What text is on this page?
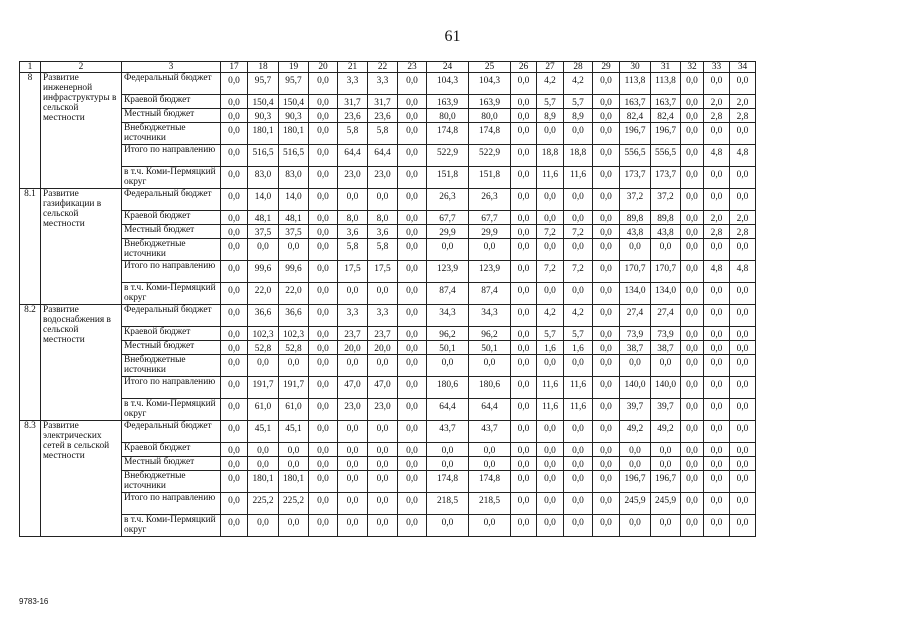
61
1	2	3	17	18	19	20	21	22	23	24	25	26	27	28	29	30	31	32	33	34
8	Развитие инженерной инфраструктуры в сельской местности	Федеральный бюджет	0,0	95,7	95,7	0,0	3,3	3,3	0,0	104,3	104,3	0,0	4,2	4,2	0,0	113,8	113,8	0,0	0,0	0,0
		Краевой бюджет	0,0	150,4	150,4	0,0	31,7	31,7	0,0	163,9	163,9	0,0	5,7	5,7	0,0	163,7	163,7	0,0	2,0	2,0
		Местный бюджет	0,0	90,3	90,3	0,0	23,6	23,6	0,0	80,0	80,0	0,0	8,9	8,9	0,0	82,4	82,4	0,0	2,8	2,8
		Внебюджетные источники	0,0	180,1	180,1	0,0	5,8	5,8	0,0	174,8	174,8	0,0	0,0	0,0	0,0	196,7	196,7	0,0	0,0	0,0
		Итого по направлению	0,0	516,5	516,5	0,0	64,4	64,4	0,0	522,9	522,9	0,0	18,8	18,8	0,0	556,5	556,5	0,0	4,8	4,8
		в т.ч. Коми-Пермяцкий округ	0,0	83,0	83,0	0,0	23,0	23,0	0,0	151,8	151,8	0,0	11,6	11,6	0,0	173,7	173,7	0,0	0,0	0,0
8.1	Развитие газификации в сельской местности	Федеральный бюджет	0,0	14,0	14,0	0,0	0,0	0,0	0,0	26,3	26,3	0,0	0,0	0,0	0,0	37,2	37,2	0,0	0,0	0,0
		Краевой бюджет	0,0	48,1	48,1	0,0	8,0	8,0	0,0	67,7	67,7	0,0	0,0	0,0	0,0	89,8	89,8	0,0	2,0	2,0
		Местный бюджет	0,0	37,5	37,5	0,0	3,6	3,6	0,0	29,9	29,9	0,0	7,2	7,2	0,0	43,8	43,8	0,0	2,8	2,8
		Внебюджетные источники	0,0	0,0	0,0	0,0	5,8	5,8	0,0	0,0	0,0	0,0	0,0	0,0	0,0	0,0	0,0	0,0	0,0	0,0
		Итого по направлению	0,0	99,6	99,6	0,0	17,5	17,5	0,0	123,9	123,9	0,0	7,2	7,2	0,0	170,7	170,7	0,0	4,8	4,8
		в т.ч. Коми-Пермяцкий округ	0,0	22,0	22,0	0,0	0,0	0,0	0,0	87,4	87,4	0,0	0,0	0,0	0,0	134,0	134,0	0,0	0,0	0,0
8.2	Развитие водоснабжения в сельской местности	Федеральный бюджет	0,0	36,6	36,6	0,0	3,3	3,3	0,0	34,3	34,3	0,0	4,2	4,2	0,0	27,4	27,4	0,0	0,0	0,0
		Краевой бюджет	0,0	102,3	102,3	0,0	23,7	23,7	0,0	96,2	96,2	0,0	5,7	5,7	0,0	73,9	73,9	0,0	0,0	0,0
		Местный бюджет	0,0	52,8	52,8	0,0	20,0	20,0	0,0	50,1	50,1	0,0	1,6	1,6	0,0	38,7	38,7	0,0	0,0	0,0
		Внебюджетные источники	0,0	0,0	0,0	0,0	0,0	0,0	0,0	0,0	0,0	0,0	0,0	0,0	0,0	0,0	0,0	0,0	0,0	0,0
		Итого по направлению	0,0	191,7	191,7	0,0	47,0	47,0	0,0	180,6	180,6	0,0	11,6	11,6	0,0	140,0	140,0	0,0	0,0	0,0
		в т.ч. Коми-Пермяцкий округ	0,0	61,0	61,0	0,0	23,0	23,0	0,0	64,4	64,4	0,0	11,6	11,6	0,0	39,7	39,7	0,0	0,0	0,0
8.3	Развитие электрических сетей в сельской местности	Федеральный бюджет	0,0	45,1	45,1	0,0	0,0	0,0	0,0	43,7	43,7	0,0	0,0	0,0	0,0	49,2	49,2	0,0	0,0	0,0
		Краевой бюджет	0,0	0,0	0,0	0,0	0,0	0,0	0,0	0,0	0,0	0,0	0,0	0,0	0,0	0,0	0,0	0,0	0,0	0,0
		Местный бюджет	0,0	0,0	0,0	0,0	0,0	0,0	0,0	0,0	0,0	0,0	0,0	0,0	0,0	0,0	0,0	0,0	0,0	0,0
		Внебюджетные источники	0,0	180,1	180,1	0,0	0,0	0,0	0,0	174,8	174,8	0,0	0,0	0,0	0,0	196,7	196,7	0,0	0,0	0,0
		Итого по направлению	0,0	225,2	225,2	0,0	0,0	0,0	0,0	218,5	218,5	0,0	0,0	0,0	0,0	245,9	245,9	0,0	0,0	0,0
		в т.ч. Коми-Пермяцкий округ	0,0	0,0	0,0	0,0	0,0	0,0	0,0	0,0	0,0	0,0	0,0	0,0	0,0	0,0	0,0	0,0	0,0	0,0
9783-16
